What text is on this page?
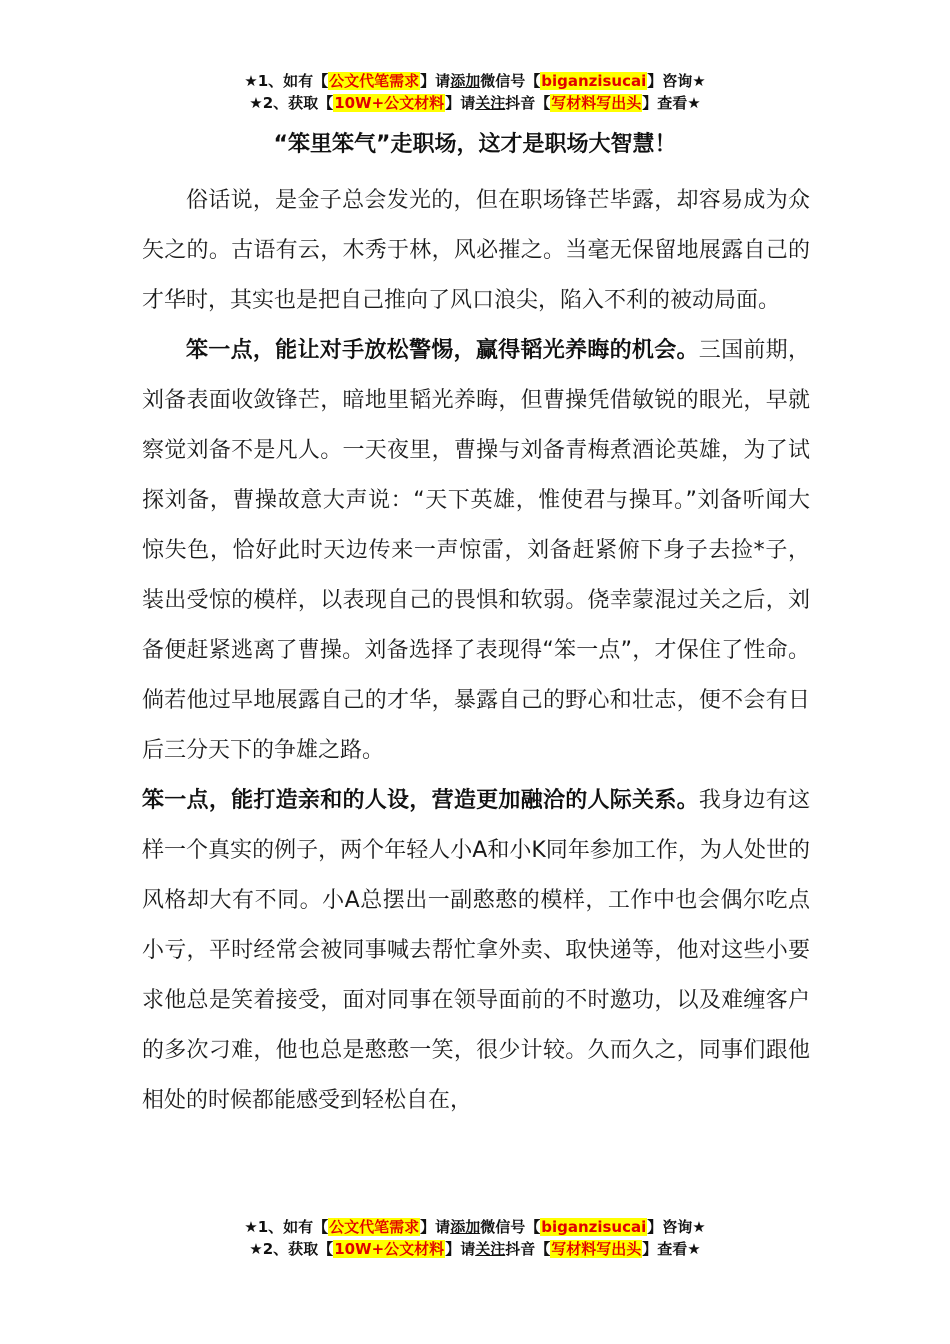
★1、如有【公文代笔需求】请添加微信号【biganzisucai】咨询★
★2、获取【10W+公文材料】请关注抖音【写材料写出头】查看★
“笨里笨气”走职场，这才是职场大智慧！

俗话说，是金子总会发光的，但在职场锋芒毕露，却容易成为众矢之的。古语有云，木秀于林，风必摧之。当毫无保留地展露自己的才华时，其实也是把自己推向了风口浪尖，陷入不利的被动局面。

笨一点，能让对手放松警惕，赢得韬光养晦的机会。三国前期，刘备表面收敛锋芒，暗地里韬光养晦，但曹操凭借敏锐的眼光，早就察觉刘备不是凡人。一天夜里，曹操与刘备青梅煮酒论英雄，为了试探刘备，曹操故意大声说：“天下英雄，惟使君与操耳。”刘备听闻大惊失色，恰好此时天边传来一声惊雷，刘备赶紧俯下身子去捡*子，装出受惊的模样，以表现自己的畏惧和软弱。侥幸蒙混过关之后，刘备便赶紧逃离了曹操。刘备选择了表现得“笨一点”，才保住了性命。倘若他过早地展露自己的才华，暴露自己的野心和壮志，便不会有日后三分天下的争雄之路。

笨一点，能打造亲和的人设，营造更加融洽的人际关系。我身边有这样一个真实的例子，两个年轻人小A和小K同年参加工作，为人处世的风格却大有不同。小A总摆出一副憨憨的模样，工作中也会偶尔吃点小亏，平时经常会被同事喊去帮忙拿外卖、取快递等，他对这些小要求他总是笑着接受，面对同事在领导面前的不时邀功，以及难缠客户的多次刁难，他也总是憨憨一笑，很少计较。久而久之，同事们跟他相处的时候都能感受到轻松自在，

★1、如有【公文代笔需求】请添加微信号【biganzisucai】咨询★
★2、获取【10W+公文材料】请关注抖音【写材料写出头】查看★
